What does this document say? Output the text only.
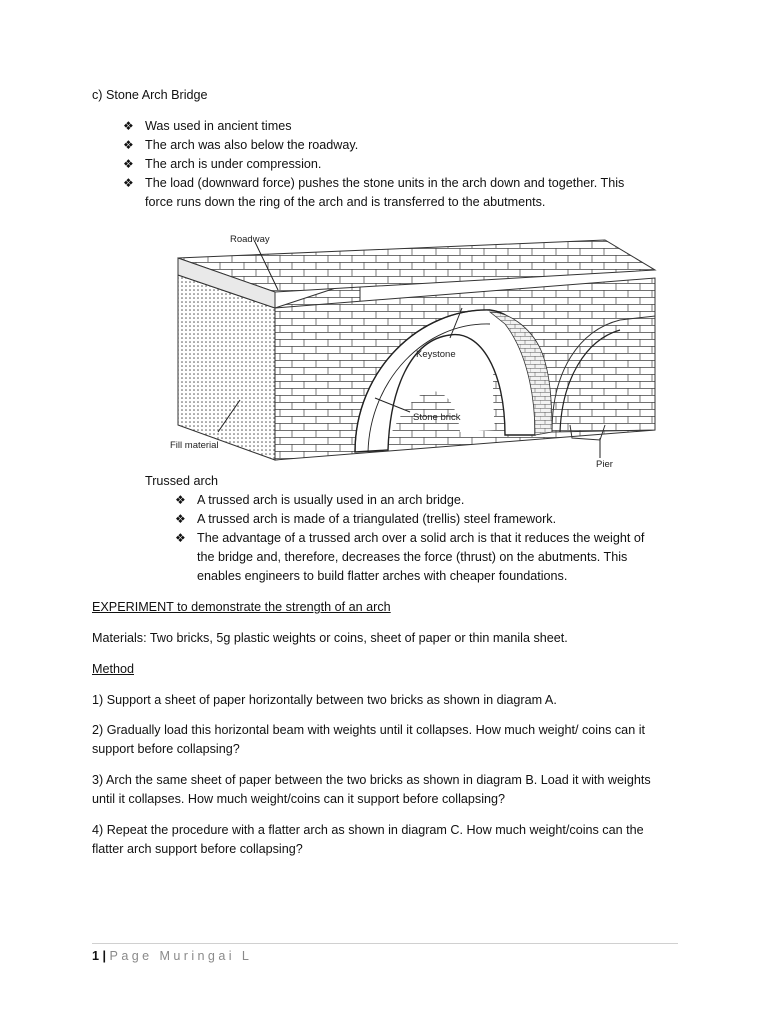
c) Stone Arch Bridge
❖ Was used in ancient times
❖ The arch was also below the roadway.
❖ The arch is under compression.
❖ The load (downward force) pushes the stone units in the arch down and together. This
force runs down the ring of the arch and is transferred to the abutments.
Roadway
Keystone
Stone brick
Fill material
Pier
Trussed arch
❖ A trussed arch is usually used in an arch bridge.
❖ A trussed arch is made of a triangulated (trellis) steel framework.
❖ The advantage of a trussed arch over a solid arch is that it reduces the weight of
the bridge and, therefore, decreases the force (thrust) on the abutments. This
enables engineers to build flatter arches with cheaper foundations.
EXPERIMENT to demonstrate the strength of an arch
Materials: Two bricks, 5g plastic weights or coins, sheet of paper or thin manila sheet.
Method
1) Support a sheet of paper horizontally between two bricks as shown in diagram A.
2) Gradually load this horizontal beam with weights until it collapses. How much weight/ coins can it
support before collapsing?
3) Arch the same sheet of paper between the two bricks as shown in diagram B. Load it with weights
until it collapses. How much weight/coins can it support before collapsing?
4) Repeat the procedure with a flatter arch as shown in diagram C. How much weight/coins can the
flatter arch support before collapsing?
1 | Page Muringai L
